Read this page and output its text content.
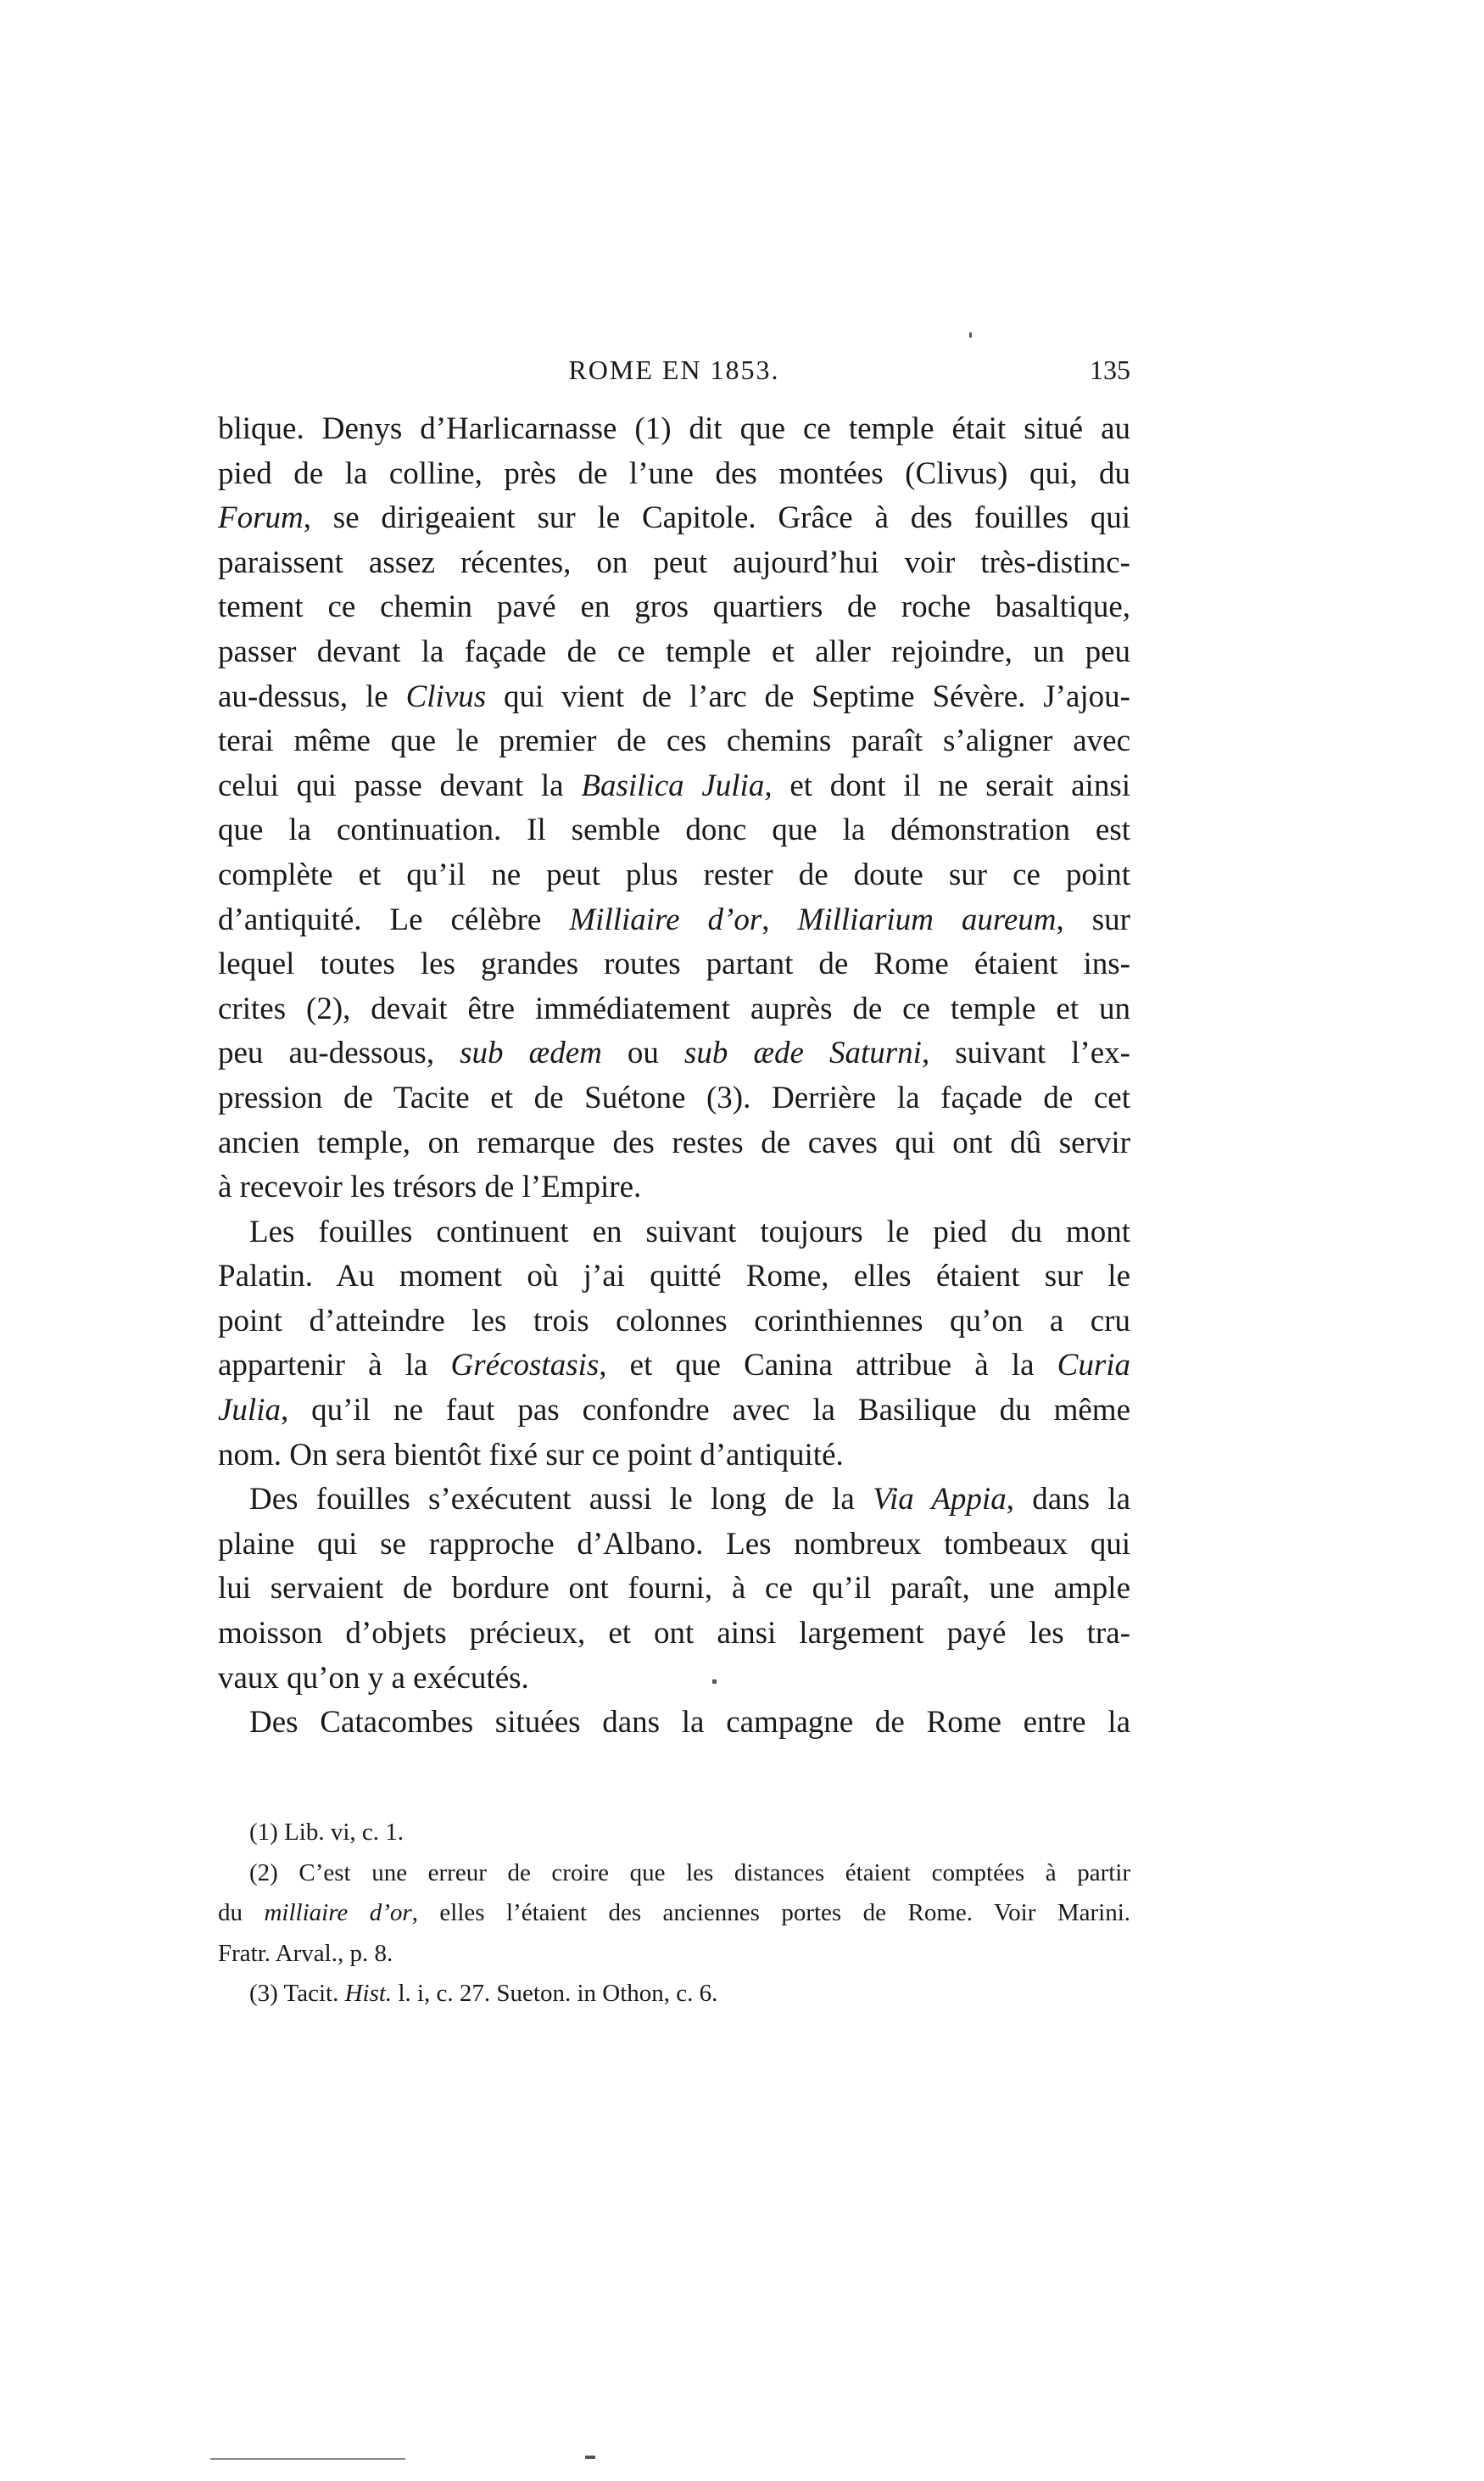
ROME EN 1853.	135
blique. Denys d’Harlicarnasse (1) dit que ce temple était situé au
pied de la colline, près de l’une des montées (Clivus) qui, du
Forum, se dirigeaient sur le Capitole. Grâce à des fouilles qui
paraissent assez récentes, on peut aujourd’hui voir très-distinc-
tement ce chemin pavé en gros quartiers de roche basaltique,
passer devant la façade de ce temple et aller rejoindre, un peu
au-dessus, le Clivus qui vient de l’arc de Septime Sévère. J’ajou-
terai même que le premier de ces chemins paraît s’aligner avec
celui qui passe devant la Basilica Julia, et dont il ne serait ainsi
que la continuation. Il semble donc que la démonstration est
complète et qu’il ne peut plus rester de doute sur ce point
d’antiquité. Le célèbre Milliaire d’or, Milliarium aureum, sur
lequel toutes les grandes routes partant de Rome étaient ins-
crites (2), devait être immédiatement auprès de ce temple et un
peu au-dessous, sub ædem ou sub æde Saturni, suivant l’ex-
pression de Tacite et de Suétone (3). Derrière la façade de cet
ancien temple, on remarque des restes de caves qui ont dû servir
à recevoir les trésors de l’Empire.
Les fouilles continuent en suivant toujours le pied du mont
Palatin. Au moment où j’ai quitté Rome, elles étaient sur le
point d’atteindre les trois colonnes corinthiennes qu’on a cru
appartenir à la Grécostasis, et que Canina attribue à la Curia
Julia, qu’il ne faut pas confondre avec la Basilique du même
nom. On sera bientôt fixé sur ce point d’antiquité.
Des fouilles s’exécutent aussi le long de la Via Appia, dans la
plaine qui se rapproche d’Albano. Les nombreux tombeaux qui
lui servaient de bordure ont fourni, à ce qu’il paraît, une ample
moisson d’objets précieux, et ont ainsi largement payé les tra-
vaux qu’on y a exécutés.
Des Catacombes situées dans la campagne de Rome entre la
(1) Lib. vi, c. 1.
(2) C’est une erreur de croire que les distances étaient comptées à partir
du milliaire d’or, elles l’étaient des anciennes portes de Rome. Voir Marini.
Fratr. Arval., p. 8.
(3) Tacit. Hist. l. i, c. 27. Sueton. in Othon, c. 6.
